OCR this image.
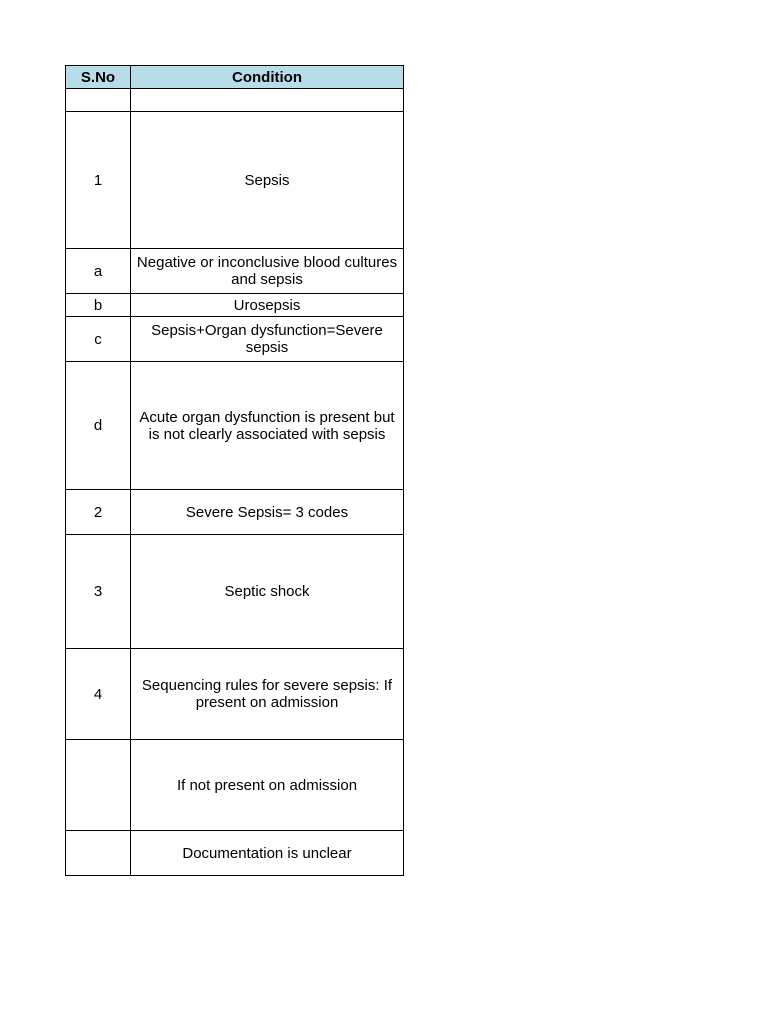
S.No	Condition

1	Sepsis
a	Negative or inconclusive blood cultures and sepsis
b	Urosepsis
c	Sepsis+Organ dysfunction=Severe sepsis
d	Acute organ dysfunction is present but is not clearly associated with sepsis
2	Severe Sepsis= 3 codes
3	Septic shock
4	Sequencing rules for severe sepsis: If present on admission
	If not present on admission
	Documentation is unclear
